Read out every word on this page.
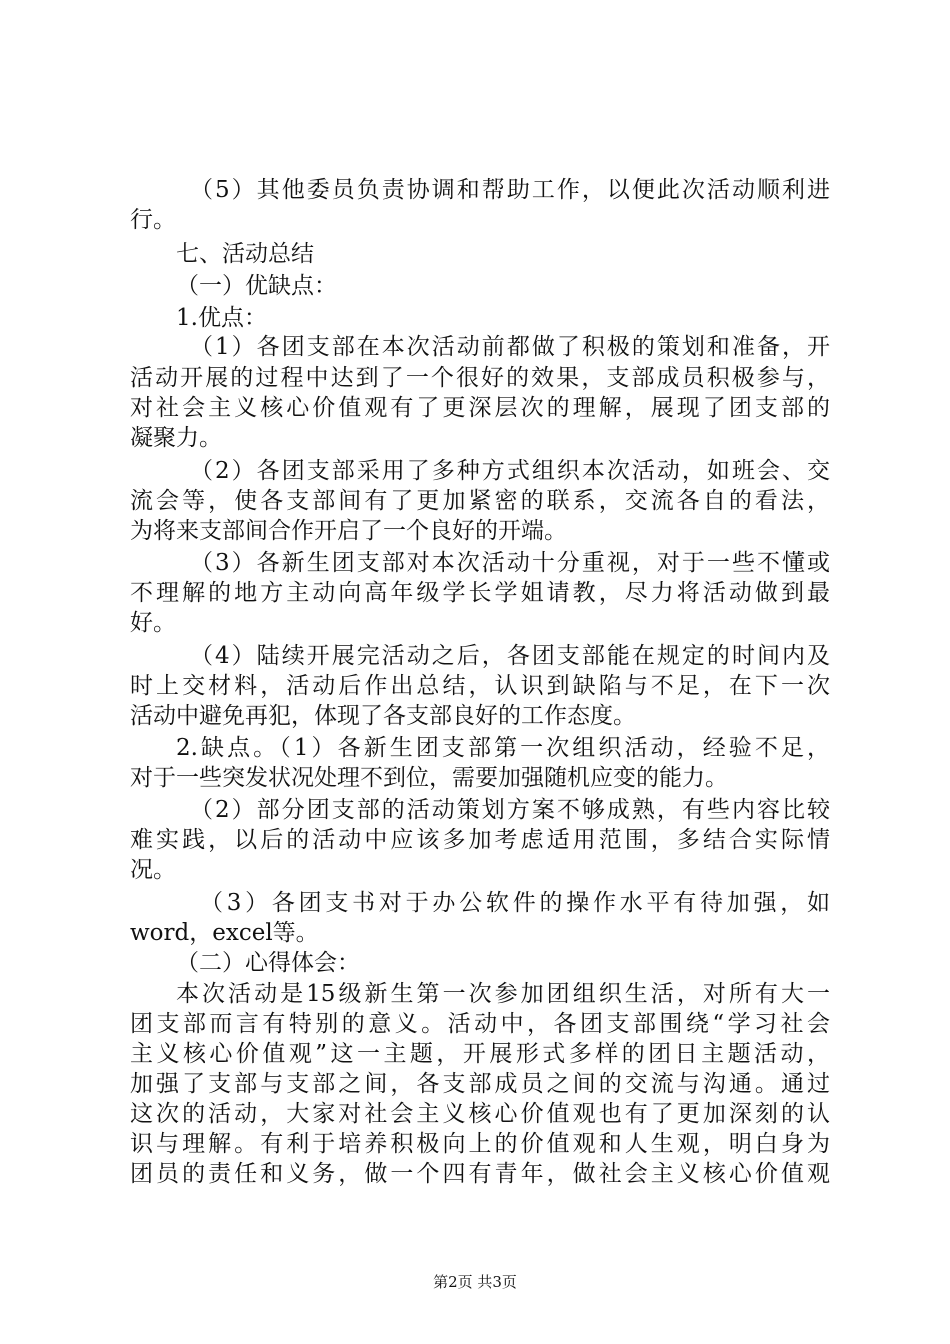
（5）其他委员负责协调和帮助工作，以便此次活动顺利进
行。
七、活动总结
（一）优缺点：
1.优点：
（1）各团支部在本次活动前都做了积极的策划和准备，开
活动开展的过程中达到了一个很好的效果，支部成员积极参与，
对社会主义核心价值观有了更深层次的理解，展现了团支部的
凝聚力。
（2）各团支部采用了多种方式组织本次活动，如班会、交
流会等，使各支部间有了更加紧密的联系，交流各自的看法，
为将来支部间合作开启了一个良好的开端。
（3）各新生团支部对本次活动十分重视，对于一些不懂或
不理解的地方主动向高年级学长学姐请教，尽力将活动做到最
好。
（4）陆续开展完活动之后，各团支部能在规定的时间内及
时上交材料，活动后作出总结，认识到缺陷与不足，在下一次
活动中避免再犯，体现了各支部良好的工作态度。
2.缺点。（1）各新生团支部第一次组织活动，经验不足，
对于一些突发状况处理不到位，需要加强随机应变的能力。
（2）部分团支部的活动策划方案不够成熟，有些内容比较
难实践，以后的活动中应该多加考虑适用范围，多结合实际情
况。
（3）各团支书对于办公软件的操作水平有待加强，如
word，excel等。
（二）心得体会：
本次活动是15级新生第一次参加团组织生活，对所有大一
团支部而言有特别的意义。活动中，各团支部围绕“学习社会
主义核心价值观”这一主题，开展形式多样的团日主题活动，
加强了支部与支部之间，各支部成员之间的交流与沟通。通过
这次的活动，大家对社会主义核心价值观也有了更加深刻的认
识与理解。有利于培养积极向上的价值观和人生观，明白身为
团员的责任和义务，做一个四有青年，做社会主义核心价值观
第2页 共3页
